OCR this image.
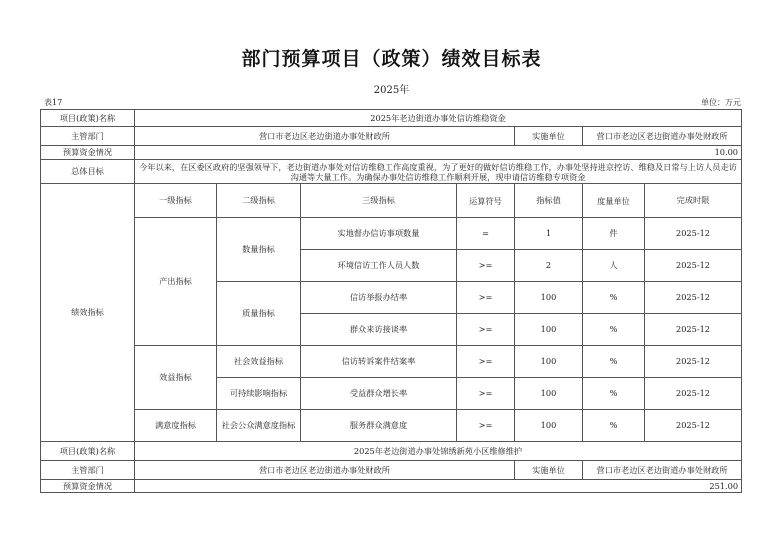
部门预算项目（政策）绩效目标表
2025年
表17	单位：万元
项目(政策)名称	2025年老边街道办事处信访维稳资金						
主管部门	营口市老边区老边街道办事处财政所				实施单位	营口市老边区老边街道办事处财政所	
预算资金情况	10.00						
总体目标	今年以来，在区委区政府的坚强领导下，老边街道办事处对信访维稳工作高度重视，为了更好的做好信访维稳工作，办事处坚持进京控访、维稳及日常与上访人员走访沟通等大量工作。为确保办事处信访维稳工作顺利开展，现申请信访维稳专项资金						
绩效指标	一级指标	二级指标	三级指标	运算符号	指标值	度量单位	完成时限
	产出指标	数量指标	实地督办信访事项数量	=	1	件	2025-12
			环境信访工作人员人数	>=	2	人	2025-12
		质量指标	信访举报办结率	>=	100	%	2025-12
			群众来访接谈率	>=	100	%	2025-12
	效益指标	社会效益指标	信访转诉案件结案率	>=	100	%	2025-12
		可持续影响指标	受益群众增长率	>=	100	%	2025-12
	满意度指标	社会公众满意度指标	服务群众满意度	>=	100	%	2025-12
项目(政策)名称	2025年老边街道办事处锦绣新苑小区维修维护						
主管部门	营口市老边区老边街道办事处财政所				实施单位	营口市老边区老边街道办事处财政所	
预算资金情况	251.00						
